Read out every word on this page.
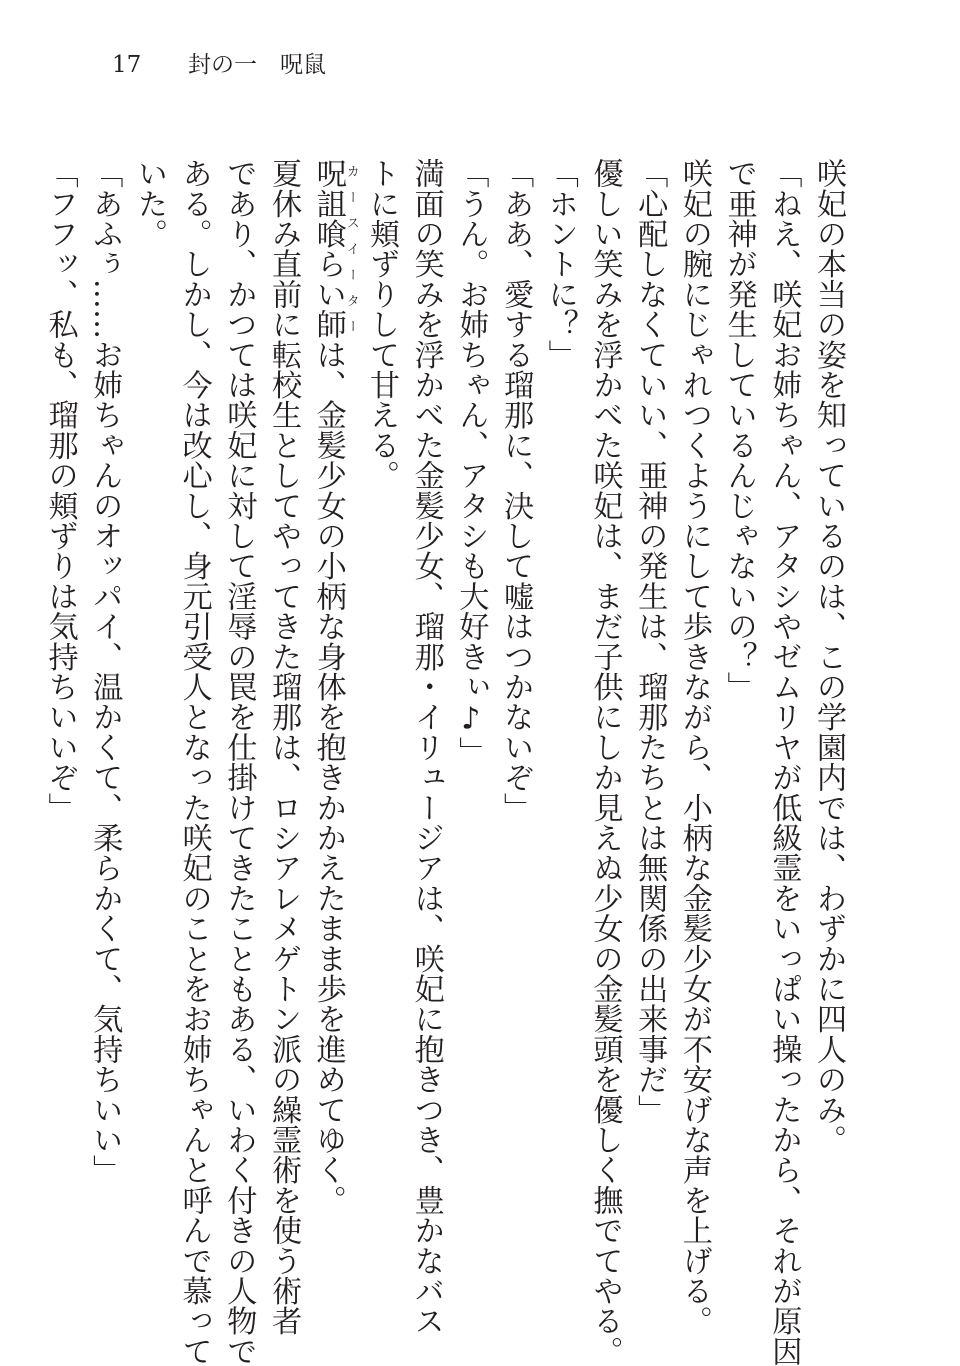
17 封の一　呪鼠

咲妃の本当の姿を知っているのは、この学園内では、わずかに四人のみ。

「ねえ、咲妃お姉ちゃん、アタシやゼムリヤが低級霊をいっぱい操ったから、それが原因

で亜神が発生しているんじゃないの？」

咲妃の腕にじゃれつくようにして歩きながら、小柄な金髪少女が不安げな声を上げる。

「心配しなくていい、亜神の発生は、瑠那たちとは無関係の出来事だ」

優しい笑みを浮かべた咲妃は、まだ子供にしか見えぬ少女の金髪頭を優しく撫でてやる。

「ホントに？」

「ああ、愛する瑠那に、決して嘘はつかないぞ」

「うん。お姉ちゃん、アタシも大好きぃ♪」

満面の笑みを浮かべた金髪少女、瑠那・イリュージアは、咲妃に抱きつき、豊かなバス

トに頬ずりして甘える。

呪詛喰らい師カースイーターは、金髪少女の小柄な身体を抱きかかえたまま歩を進めてゆく。

夏休み直前に転校生としてやってきた瑠那は、ロシアレメゲトン派の繰霊術を使う術者

であり、かつては咲妃に対して淫辱の罠を仕掛けてきたこともある、いわく付きの人物で

ある。しかし、今は改心し、身元引受人となった咲妃のことをお姉ちゃんと呼んで慕って

いた。

「あふぅ……お姉ちゃんのオッパイ、温かくて、柔らかくて、気持ちいい」

「フフッ、私も、瑠那の頬ずりは気持ちいいぞ」
